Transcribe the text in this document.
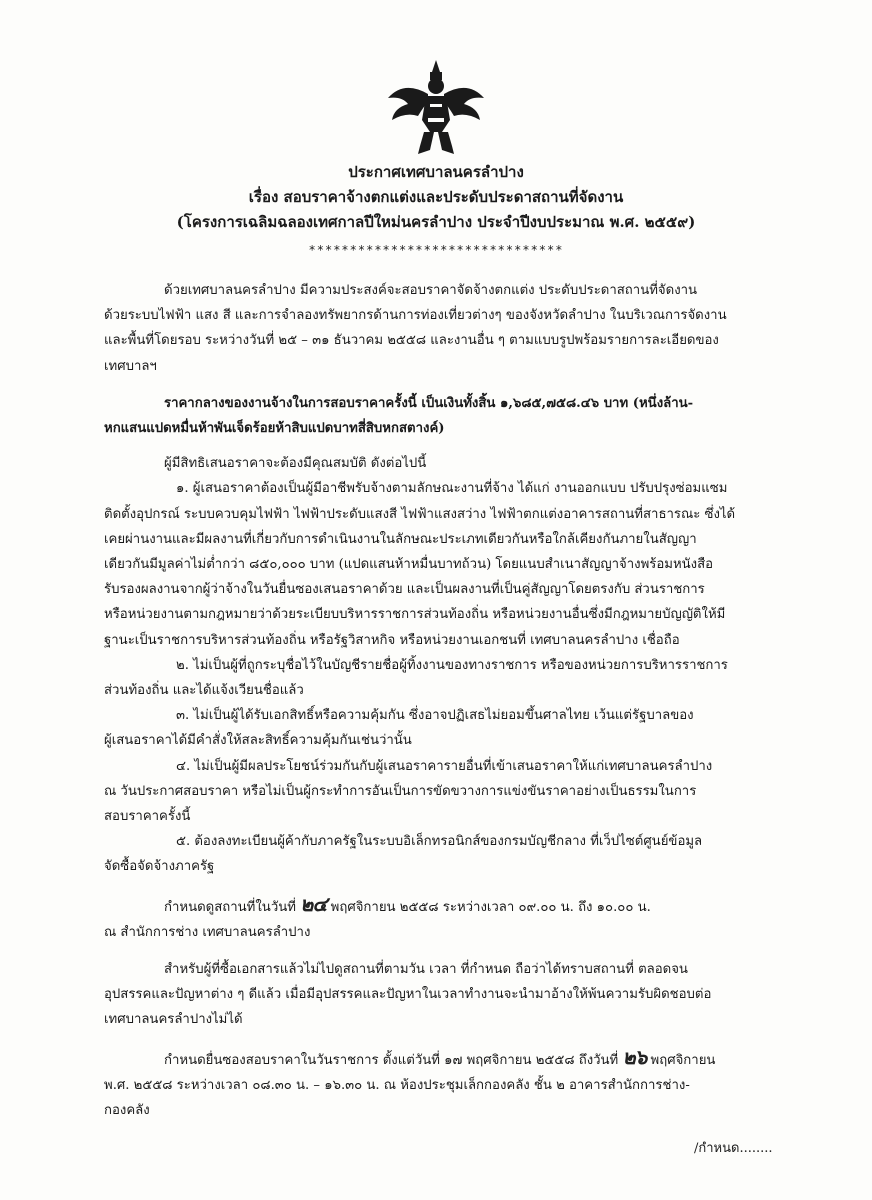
ประกาศเทศบาลนครลำปาง
เรื่อง สอบราคาจ้างตกแต่งและประดับประดาสถานที่จัดงาน
(โครงการเฉลิมฉลองเทศกาลปีใหม่นครลำปาง ประจำปีงบประมาณ พ.ศ. ๒๕๕๙)
*******************************

ด้วยเทศบาลนครลำปาง มีความประสงค์จะสอบราคาจัดจ้างตกแต่ง ประดับประดาสถานที่จัดงาน
ด้วยระบบไฟฟ้า แสง สี และการจำลองทรัพยากรด้านการท่องเที่ยวต่างๆ ของจังหวัดลำปาง ในบริเวณการจัดงาน
และพื้นที่โดยรอบ ระหว่างวันที่ ๒๕ – ๓๑ ธันวาคม ๒๕๕๘ และงานอื่น ๆ ตามแบบรูปพร้อมรายการละเอียดของ
เทศบาลฯ

ราคากลางของงานจ้างในการสอบราคาครั้งนี้ เป็นเงินทั้งสิ้น ๑,๖๘๕,๗๕๘.๔๖ บาท (หนึ่งล้าน-
หกแสนแปดหมื่นห้าพันเจ็ดร้อยห้าสิบแปดบาทสี่สิบหกสตางค์)

ผู้มีสิทธิเสนอราคาจะต้องมีคุณสมบัติ ดังต่อไปนี้
๑. ผู้เสนอราคาต้องเป็นผู้มีอาชีพรับจ้างตามลักษณะงานที่จ้าง ได้แก่ งานออกแบบ ปรับปรุงซ่อมแซม
ติดตั้งอุปกรณ์ ระบบควบคุมไฟฟ้า ไฟฟ้าประดับแสงสี ไฟฟ้าแสงสว่าง ไฟฟ้าตกแต่งอาคารสถานที่สาธารณะ ซึ่งได้
เคยผ่านงานและมีผลงานที่เกี่ยวกับการดำเนินงานในลักษณะประเภทเดียวกันหรือใกล้เคียงกันภายในสัญญา
เดียวกันมีมูลค่าไม่ต่ำกว่า ๘๕๐,๐๐๐ บาท (แปดแสนห้าหมื่นบาทถ้วน) โดยแนบสำเนาสัญญาจ้างพร้อมหนังสือ
รับรองผลงานจากผู้ว่าจ้างในวันยื่นซองเสนอราคาด้วย และเป็นผลงานที่เป็นคู่สัญญาโดยตรงกับ ส่วนราชการ
หรือหน่วยงานตามกฎหมายว่าด้วยระเบียบบริหารราชการส่วนท้องถิ่น หรือหน่วยงานอื่นซึ่งมีกฎหมายบัญญัติให้มี
ฐานะเป็นราชการบริหารส่วนท้องถิ่น หรือรัฐวิสาหกิจ หรือหน่วยงานเอกชนที่ เทศบาลนครลำปาง เชื่อถือ
๒. ไม่เป็นผู้ที่ถูกระบุชื่อไว้ในบัญชีรายชื่อผู้ทิ้งงานของทางราชการ หรือของหน่วยการบริหารราชการ
ส่วนท้องถิ่น และได้แจ้งเวียนชื่อแล้ว
๓. ไม่เป็นผู้ได้รับเอกสิทธิ์หรือความคุ้มกัน ซึ่งอาจปฏิเสธไม่ยอมขึ้นศาลไทย เว้นแต่รัฐบาลของ
ผู้เสนอราคาได้มีคำสั่งให้สละสิทธิ์ความคุ้มกันเช่นว่านั้น
๔. ไม่เป็นผู้มีผลประโยชน์ร่วมกันกับผู้เสนอราคารายอื่นที่เข้าเสนอราคาให้แก่เทศบาลนครลำปาง
ณ วันประกาศสอบราคา หรือไม่เป็นผู้กระทำการอันเป็นการขัดขวางการแข่งขันราคาอย่างเป็นธรรมในการ
สอบราคาครั้งนี้
๕. ต้องลงทะเบียนผู้ค้ากับภาครัฐในระบบอิเล็กทรอนิกส์ของกรมบัญชีกลาง ที่เว็ปไซต์ศูนย์ข้อมูล
จัดซื้อจัดจ้างภาครัฐ

กำหนดดูสถานที่ในวันที่ ๒๔ พฤศจิกายน ๒๕๕๘ ระหว่างเวลา ๐๙.๐๐ น. ถึง ๑๐.๐๐ น.
ณ สำนักการช่าง เทศบาลนครลำปาง

สำหรับผู้ที่ซื้อเอกสารแล้วไม่ไปดูสถานที่ตามวัน เวลา ที่กำหนด ถือว่าได้ทราบสถานที่ ตลอดจน
อุปสรรคและปัญหาต่าง ๆ ดีแล้ว เมื่อมีอุปสรรคและปัญหาในเวลาทำงานจะนำมาอ้างให้พ้นความรับผิดชอบต่อ
เทศบาลนครลำปางไม่ได้

กำหนดยื่นซองสอบราคาในวันราชการ ตั้งแต่วันที่ ๑๗ พฤศจิกายน ๒๕๕๘ ถึงวันที่ ๒๖ พฤศจิกายน
พ.ศ. ๒๕๕๘ ระหว่างเวลา ๐๘.๓๐ น. – ๑๖.๓๐ น. ณ ห้องประชุมเล็กกองคลัง ชั้น ๒ อาคารสำนักการช่าง-
กองคลัง

/กำหนด........
